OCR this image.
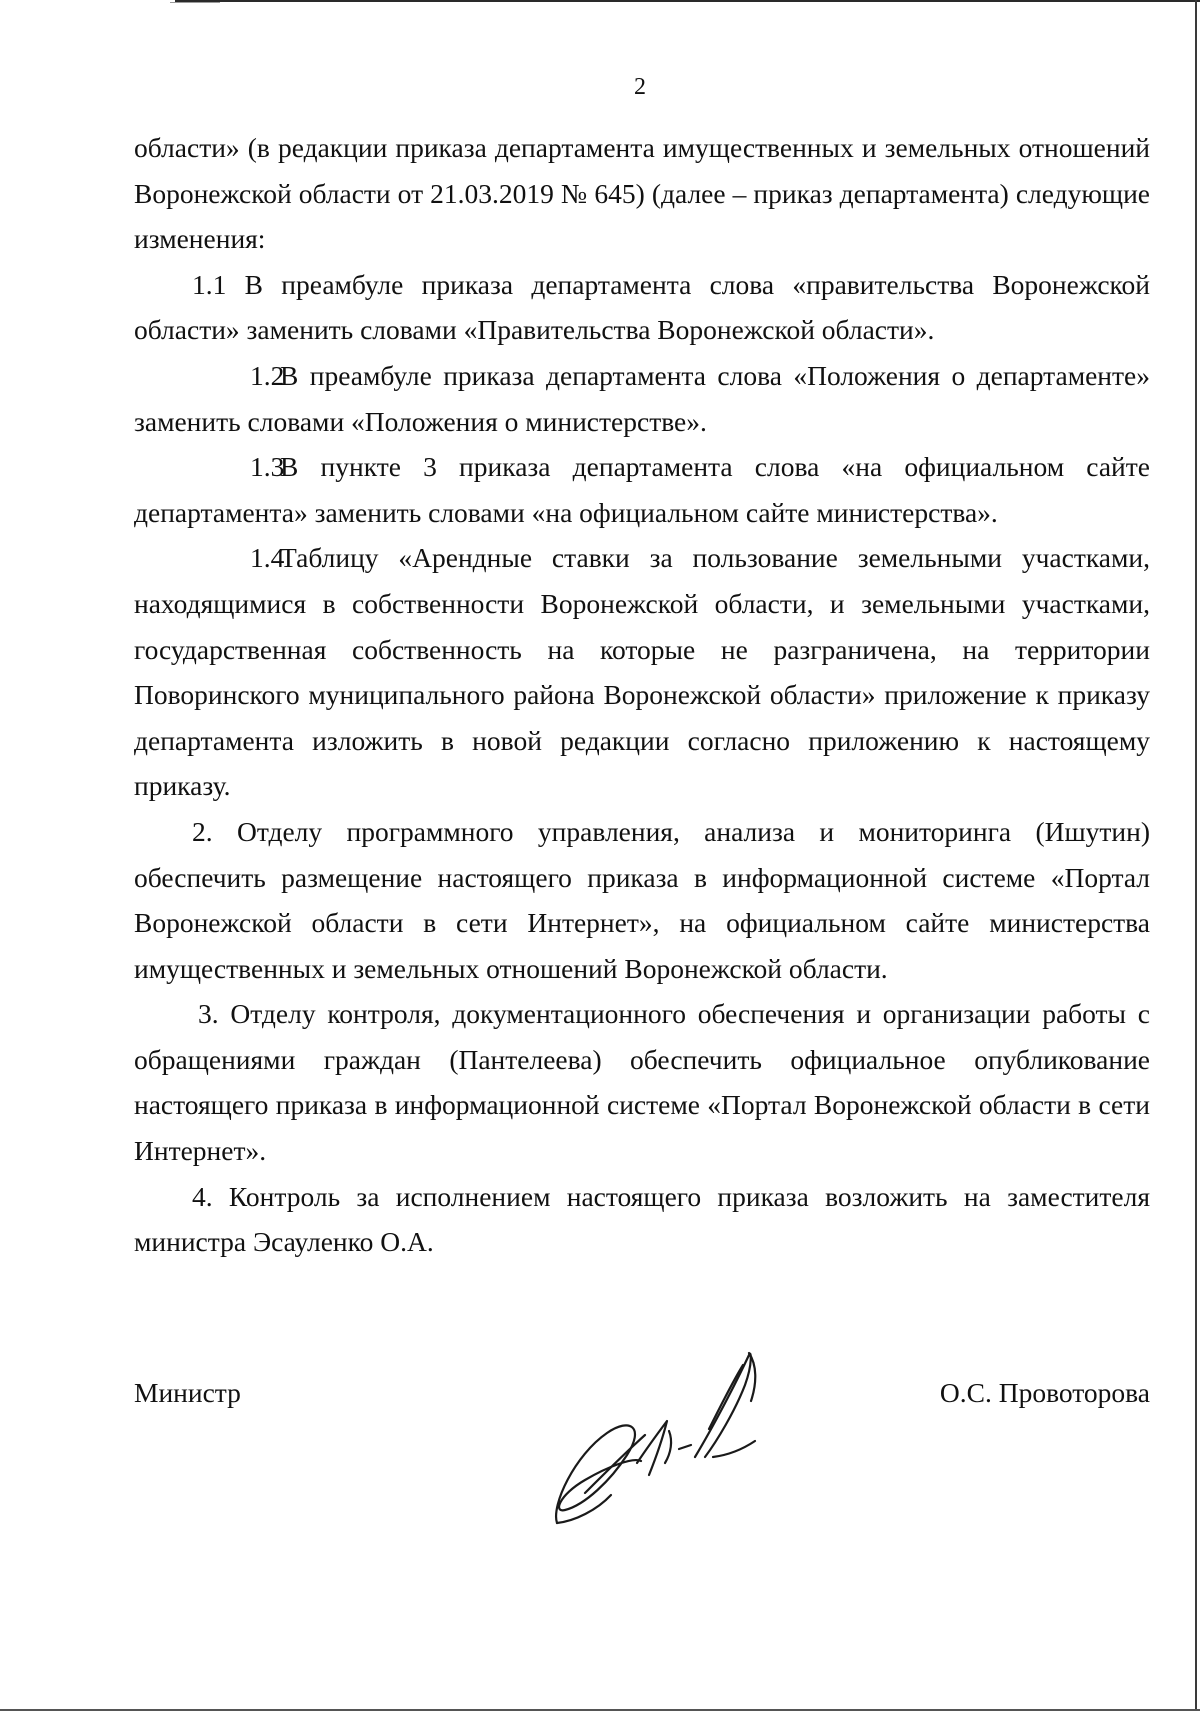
2

области» (в редакции приказа департамента имущественных и земельных отношений Воронежской области от 21.03.2019 № 645) (далее – приказ департамента) следующие изменения:

1.1 В преамбуле приказа департамента слова «правительства Воронежской области» заменить словами «Правительства Воронежской области».

1.2В преамбуле приказа департамента слова «Положения о департаменте» заменить словами «Положения о министерстве».

1.3В пункте 3 приказа департамента слова «на официальном сайте департамента» заменить словами «на официальном сайте министерства».

1.4Таблицу «Арендные ставки за пользование земельными участками, находящимися в собственности Воронежской области, и земельными участками, государственная собственность на которые не разграничена, на территории Поворинского муниципального района Воронежской области» приложение к приказу департамента изложить в новой редакции согласно приложению к настоящему приказу.

2. Отделу программного управления, анализа и мониторинга (Ишутин) обеспечить размещение настоящего приказа в информационной системе «Портал Воронежской области в сети Интернет», на официальном сайте министерства имущественных и земельных отношений Воронежской области.

3. Отделу контроля, документационного обеспечения и организации работы с обращениями граждан (Пантелеева) обеспечить официальное опубликование настоящего приказа в информационной системе «Портал Воронежской области в сети Интернет».

4. Контроль за исполнением настоящего приказа возложить на заместителя министра Эсауленко О.А.

Министр	О.С. Провоторова
